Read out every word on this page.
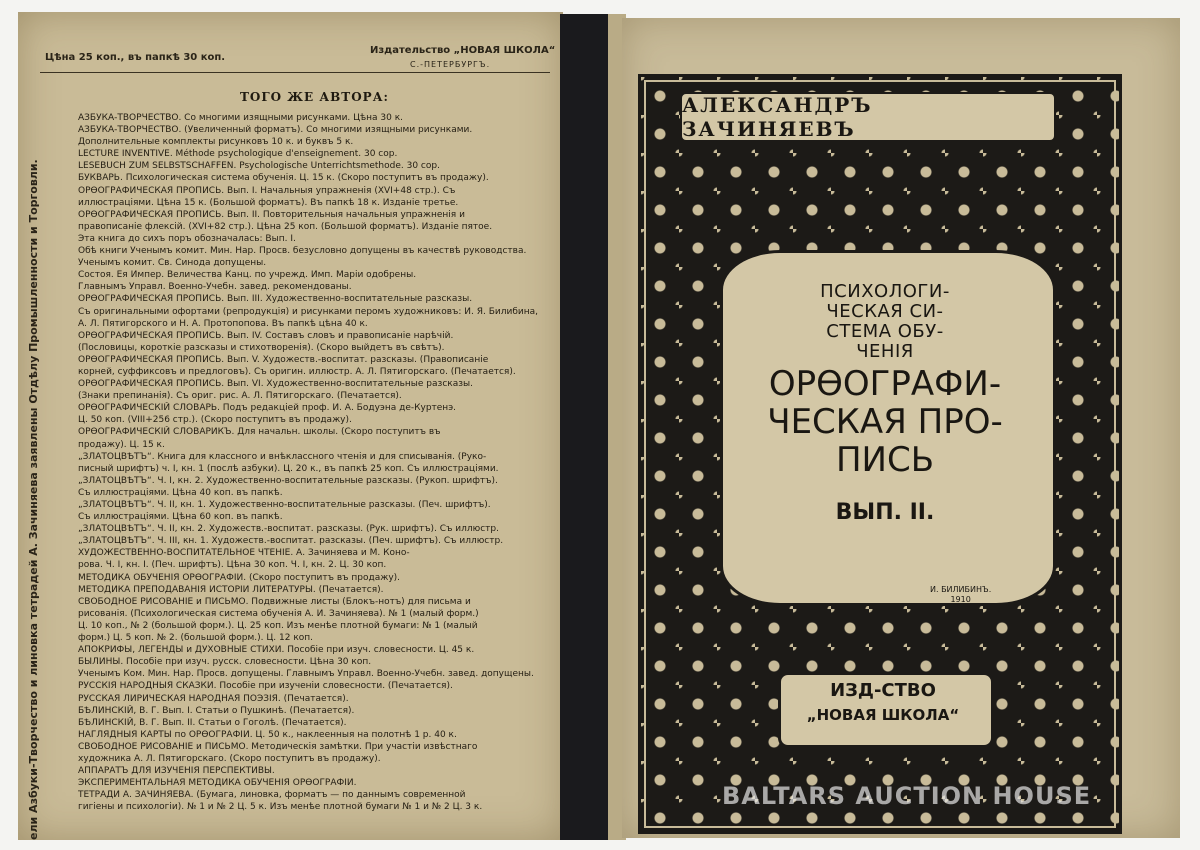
Цѣна 25 коп., въ папкѣ 30 коп.
Издательство „НОВАЯ ШКОЛА“
С.-ПЕТЕРБУРГЪ.
ТОГО ЖЕ АВТОРА:
ели Азбуки-Творчество и линовка тетрадей А. Зачиняева заявлены Отдѣлу Промышленности и Торговли.
АЗБУКА-ТВОРЧЕСТВО. Со многими изящными рисунками. Цѣна 30 к.
АЗБУКА-ТВОРЧЕСТВО. (Увеличенный форматъ). Со многими изящными рисунками.
Дополнительные комплекты рисунковъ 10 к. и буквъ 5 к.
LECTURE INVENTIVE. Méthode psychologique d'enseignement. 30 cop.
LESEBUCH ZUM SELBSTSCHAFFEN. Psychologische Unterrichtsmethode. 30 cop.
БУКВАРЬ. Психологическая система обученія. Ц. 15 к. (Скоро поступитъ въ продажу).
ОРѲОГРАФИЧЕСКАЯ ПРОПИСЬ. Вып. I. Начальныя упражненія (XVI+48 стр.). Съ
иллюстраціями. Цѣна 15 к. (Большой форматъ). Въ папкѣ 18 к. Изданіе третье.
ОРѲОГРАФИЧЕСКАЯ ПРОПИСЬ. Вып. II. Повторительныя начальныя упражненія и
правописаніе флексій. (XVI+82 стр.). Цѣна 25 коп. (Большой форматъ). Изданіе пятое.
Эта книга до сихъ поръ обозначалась: Вып. I.
Обѣ книги Ученымъ комит. Мин. Нар. Просв. безусловно допущены въ качествѣ руководства.
Ученымъ комит. Св. Синода допущены.
Состоя. Ея Импер. Величества Канц. по учрежд. Имп. Маріи одобрены.
Главнымъ Управл. Военно-Учебн. завед. рекомендованы.
ОРѲОГРАФИЧЕСКАЯ ПРОПИСЬ. Вып. III. Художественно-воспитательные разсказы.
Съ оригинальными офортами (репродукція) и рисунками перомъ художниковъ: И. Я. Билибина,
А. Л. Пятигорского и Н. А. Протопопова. Въ папкѣ цѣна 40 к.
ОРѲОГРАФИЧЕСКАЯ ПРОПИСЬ. Вып. IV. Составъ словъ и правописаніе нарѣчій.
(Пословицы, короткіе разсказы и стихотворенія). (Скоро выйдетъ въ свѣтъ).
ОРѲОГРАФИЧЕСКАЯ ПРОПИСЬ. Вып. V. Художеств.-воспитат. разсказы. (Правописаніе
корней, суффиксовъ и предлоговъ). Съ оригин. иллюстр. А. Л. Пятигорскаго. (Печатается).
ОРѲОГРАФИЧЕСКАЯ ПРОПИСЬ. Вып. VI. Художественно-воспитательные разсказы.
(Знаки препинанія). Съ ориг. рис. А. Л. Пятигорскаго. (Печатается).
ОРѲОГРАФИЧЕСКІЙ СЛОВАРЬ. Подъ редакціей проф. И. А. Бодуэна де-Куртенэ.
Ц. 50 коп. (VIII+256 стр.). (Скоро поступитъ въ продажу).
ОРѲОГРАФИЧЕСКІЙ СЛОВАРИКЪ. Для начальн. школы. (Скоро поступитъ въ
продажу). Ц. 15 к.
„ЗЛАТОЦВѢТЪ“. Книга для классного и внѣклассного чтенія и для списыванія. (Руко-
писный шрифтъ) ч. I, кн. 1 (послѣ азбуки). Ц. 20 к., въ папкѣ 25 коп. Съ иллюстраціями.
„ЗЛАТОЦВѢТЪ“. Ч. I, кн. 2. Художественно-воспитательные разсказы. (Рукоп. шрифтъ).
Съ иллюстраціями. Цѣна 40 коп. въ папкѣ.
„ЗЛАТОЦВѢТЪ“. Ч. II, кн. 1. Художественно-воспитательные разсказы. (Печ. шрифтъ).
Съ иллюстраціями. Цѣна 60 коп. въ папкѣ.
„ЗЛАТОЦВѢТЪ“. Ч. II, кн. 2. Художеств.-воспитат. разсказы. (Рук. шрифтъ). Съ иллюстр.
„ЗЛАТОЦВѢТЪ“. Ч. III, кн. 1. Художеств.-воспитат. разсказы. (Печ. шрифтъ). Съ иллюстр.
ХУДОЖЕСТВЕННО-ВОСПИТАТЕЛЬНОЕ ЧТЕНІЕ. А. Зачиняева и М. Коно-
рова. Ч. I, кн. I. (Печ. шрифтъ). Цѣна 30 коп. Ч. I, кн. 2. Ц. 30 коп.
МЕТОДИКА ОБУЧЕНІЯ ОРѲОГРАФІИ. (Скоро поступитъ въ продажу).
МЕТОДИКА ПРЕПОДАВАНІЯ ИСТОРІИ ЛИТЕРАТУРЫ. (Печатается).
СВОБОДНОЕ РИСОВАНІЕ и ПИСЬМО. Подвижные листы (Блокъ-нотъ) для письма и
рисованія. (Психологическая система обученія А. И. Зачиняева). № 1 (малый форм.)
Ц. 10 коп., № 2 (большой форм.). Ц. 25 коп. Изъ менѣе плотной бумаги: № 1 (малый
форм.) Ц. 5 коп. № 2. (большой форм.). Ц. 12 коп.
АПОКРИФЫ, ЛЕГЕНДЫ и ДУХОВНЫЕ СТИХИ. Пособіе при изуч. словесности. Ц. 45 к.
БЫЛИНЫ. Пособіе при изуч. русск. словесности. Цѣна 30 коп.
Ученымъ Ком. Мин. Нар. Просв. допущены. Главнымъ Управл. Военно-Учебн. завед. допущены.
РУССКІЯ НАРОДНЫЯ СКАЗКИ. Пособіе при изученіи словесности. (Печатается).
РУССКАЯ ЛИРИЧЕСКАЯ НАРОДНАЯ ПОЭЗІЯ. (Печатается).
БѢЛИНСКІЙ, В. Г. Вып. I. Статьи о Пушкинѣ. (Печатается).
БѢЛИНСКІЙ, В. Г. Вып. II. Статьи о Гоголѣ. (Печатается).
НАГЛЯДНЫЯ КАРТЫ по ОРѲОГРАФІИ. Ц. 50 к., наклеенныя на полотнѣ 1 р. 40 к.
СВОБОДНОЕ РИСОВАНІЕ и ПИСЬМО. Методическія замѣтки. При участіи извѣстнаго
художника А. Л. Пятигорскаго. (Скоро поступитъ въ продажу).
АППАРАТЪ ДЛЯ ИЗУЧЕНІЯ ПЕРСПЕКТИВЫ.
ЭКСПЕРИМЕНТАЛЬНАЯ МЕТОДИКА ОБУЧЕНІЯ ОРѲОГРАФІИ.
ТЕТРАДИ А. ЗАЧИНЯЕВА. (Бумага, линовка, форматъ — по даннымъ современной
гигіены и психологіи). № 1 и № 2 Ц. 5 к. Изъ менѣе плотной бумаги № 1 и № 2 Ц. 3 к.
АЛЕКСАНДРЪ ЗАЧИНЯЕВЪ
ПСИХОЛОГИ-
ЧЕСКАЯ СИ-
СТЕМА ОБУ-
ЧЕНІЯ
ОРѲОГРАФИ-
ЧЕСКАЯ ПРО-
ПИСЬ
ВЫП. II.
И. БИЛИБИНЪ.
1910
ИЗД-СТВО
„НОВАЯ ШКОЛА“
BALTARS AUCTION HOUSE
